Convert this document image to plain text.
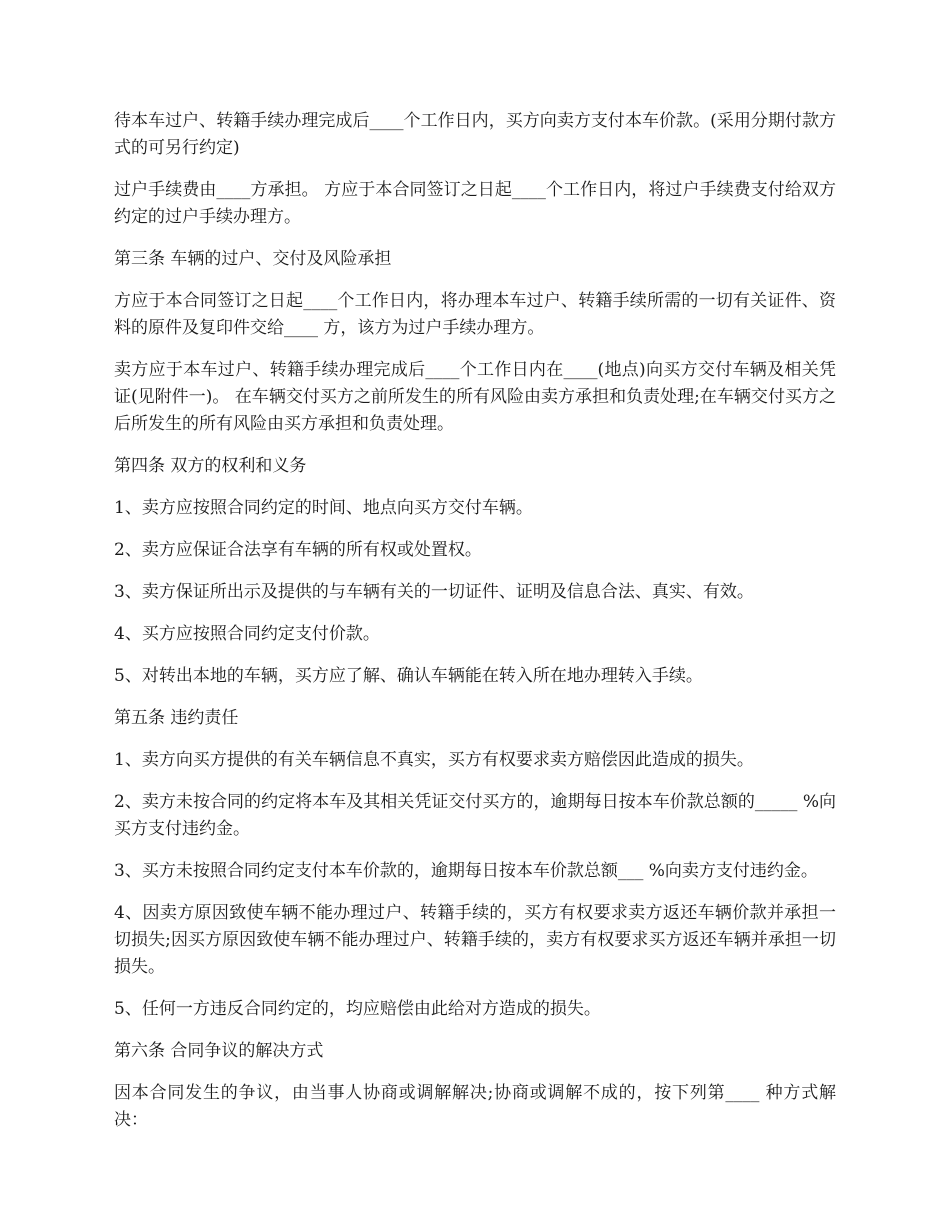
待本车过户、转籍手续办理完成后____个工作日内，买方向卖方支付本车价款。(采用分期付款方式的可另行约定)

过户手续费由____方承担。 方应于本合同签订之日起____个工作日内，将过户手续费支付给双方约定的过户手续办理方。

第三条 车辆的过户、交付及风险承担

方应于本合同签订之日起____个工作日内，将办理本车过户、转籍手续所需的一切有关证件、资料的原件及复印件交给____ 方，该方为过户手续办理方。

卖方应于本车过户、转籍手续办理完成后____个工作日内在____(地点)向买方交付车辆及相关凭证(见附件一)。 在车辆交付买方之前所发生的所有风险由卖方承担和负责处理;在车辆交付买方之后所发生的所有风险由买方承担和负责处理。

第四条 双方的权利和义务

1、卖方应按照合同约定的时间、地点向买方交付车辆。

2、卖方应保证合法享有车辆的所有权或处置权。

3、卖方保证所出示及提供的与车辆有关的一切证件、证明及信息合法、真实、有效。

4、买方应按照合同约定支付价款。

5、对转出本地的车辆，买方应了解、确认车辆能在转入所在地办理转入手续。

第五条 违约责任

1、卖方向买方提供的有关车辆信息不真实，买方有权要求卖方赔偿因此造成的损失。

2、卖方未按合同的约定将本车及其相关凭证交付买方的，逾期每日按本车价款总额的_____ %向买方支付违约金。

3、买方未按照合同约定支付本车价款的，逾期每日按本车价款总额___ %向卖方支付违约金。

4、因卖方原因致使车辆不能办理过户、转籍手续的，买方有权要求卖方返还车辆价款并承担一切损失;因买方原因致使车辆不能办理过户、转籍手续的，卖方有权要求买方返还车辆并承担一切损失。

5、任何一方违反合同约定的，均应赔偿由此给对方造成的损失。

第六条 合同争议的解决方式

因本合同发生的争议，由当事人协商或调解解决;协商或调解不成的，按下列第____ 种方式解决：
